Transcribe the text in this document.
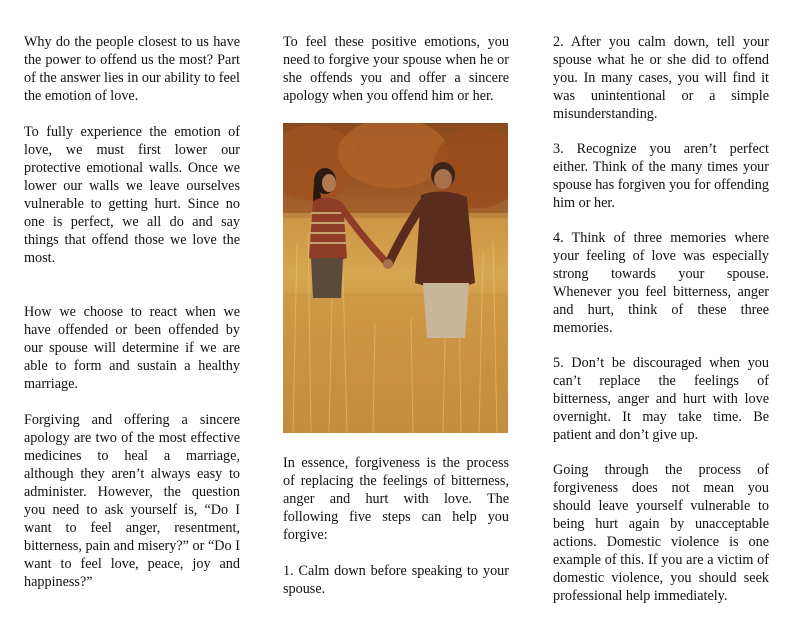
Why do the people closest to us have the power to offend us the most? Part of the answer lies in our ability to feel the emotion of love.

To fully experience the emotion of love, we must first lower our protective emotional walls. Once we lower our walls we leave ourselves vulnerable to getting hurt. Since no one is perfect, we all do and say things that offend those we love the most.

How we choose to react when we have offended or been offended by our spouse will determine if we are able to form and sustain a healthy marriage.

Forgiving and offering a sincere apology are two of the most effective medicines to heal a marriage, although they aren’t always easy to administer. However, the question you need to ask yourself is, “Do I want to feel anger, resentment, bitterness, pain and misery?” or “Do I want to feel love, peace, joy and happiness?”

To feel these positive emotions, you need to forgive your spouse when he or she offends you and offer a sincere apology when you offend him or her.

In essence, forgiveness is the process of replacing the feelings of bitterness, anger and hurt with love. The following five steps can help you forgive:

1. Calm down before speaking to your spouse.

2. After you calm down, tell your spouse what he or she did to offend you. In many cases, you will find it was unintentional or a simple misunderstanding.

3. Recognize you aren’t perfect either. Think of the many times your spouse has forgiven you for offending him or her.

4. Think of three memories where your feeling of love was especially strong towards your spouse. Whenever you feel bitterness, anger and hurt, think of these three memories.

5. Don’t be discouraged when you can’t replace the feelings of bitterness, anger and hurt with love overnight. It may take time. Be patient and don’t give up.

Going through the process of forgiveness does not mean you should leave yourself vulnerable to being hurt again by unacceptable actions. Domestic violence is one example of this. If you are a victim of domestic violence, you should seek professional help immediately.
